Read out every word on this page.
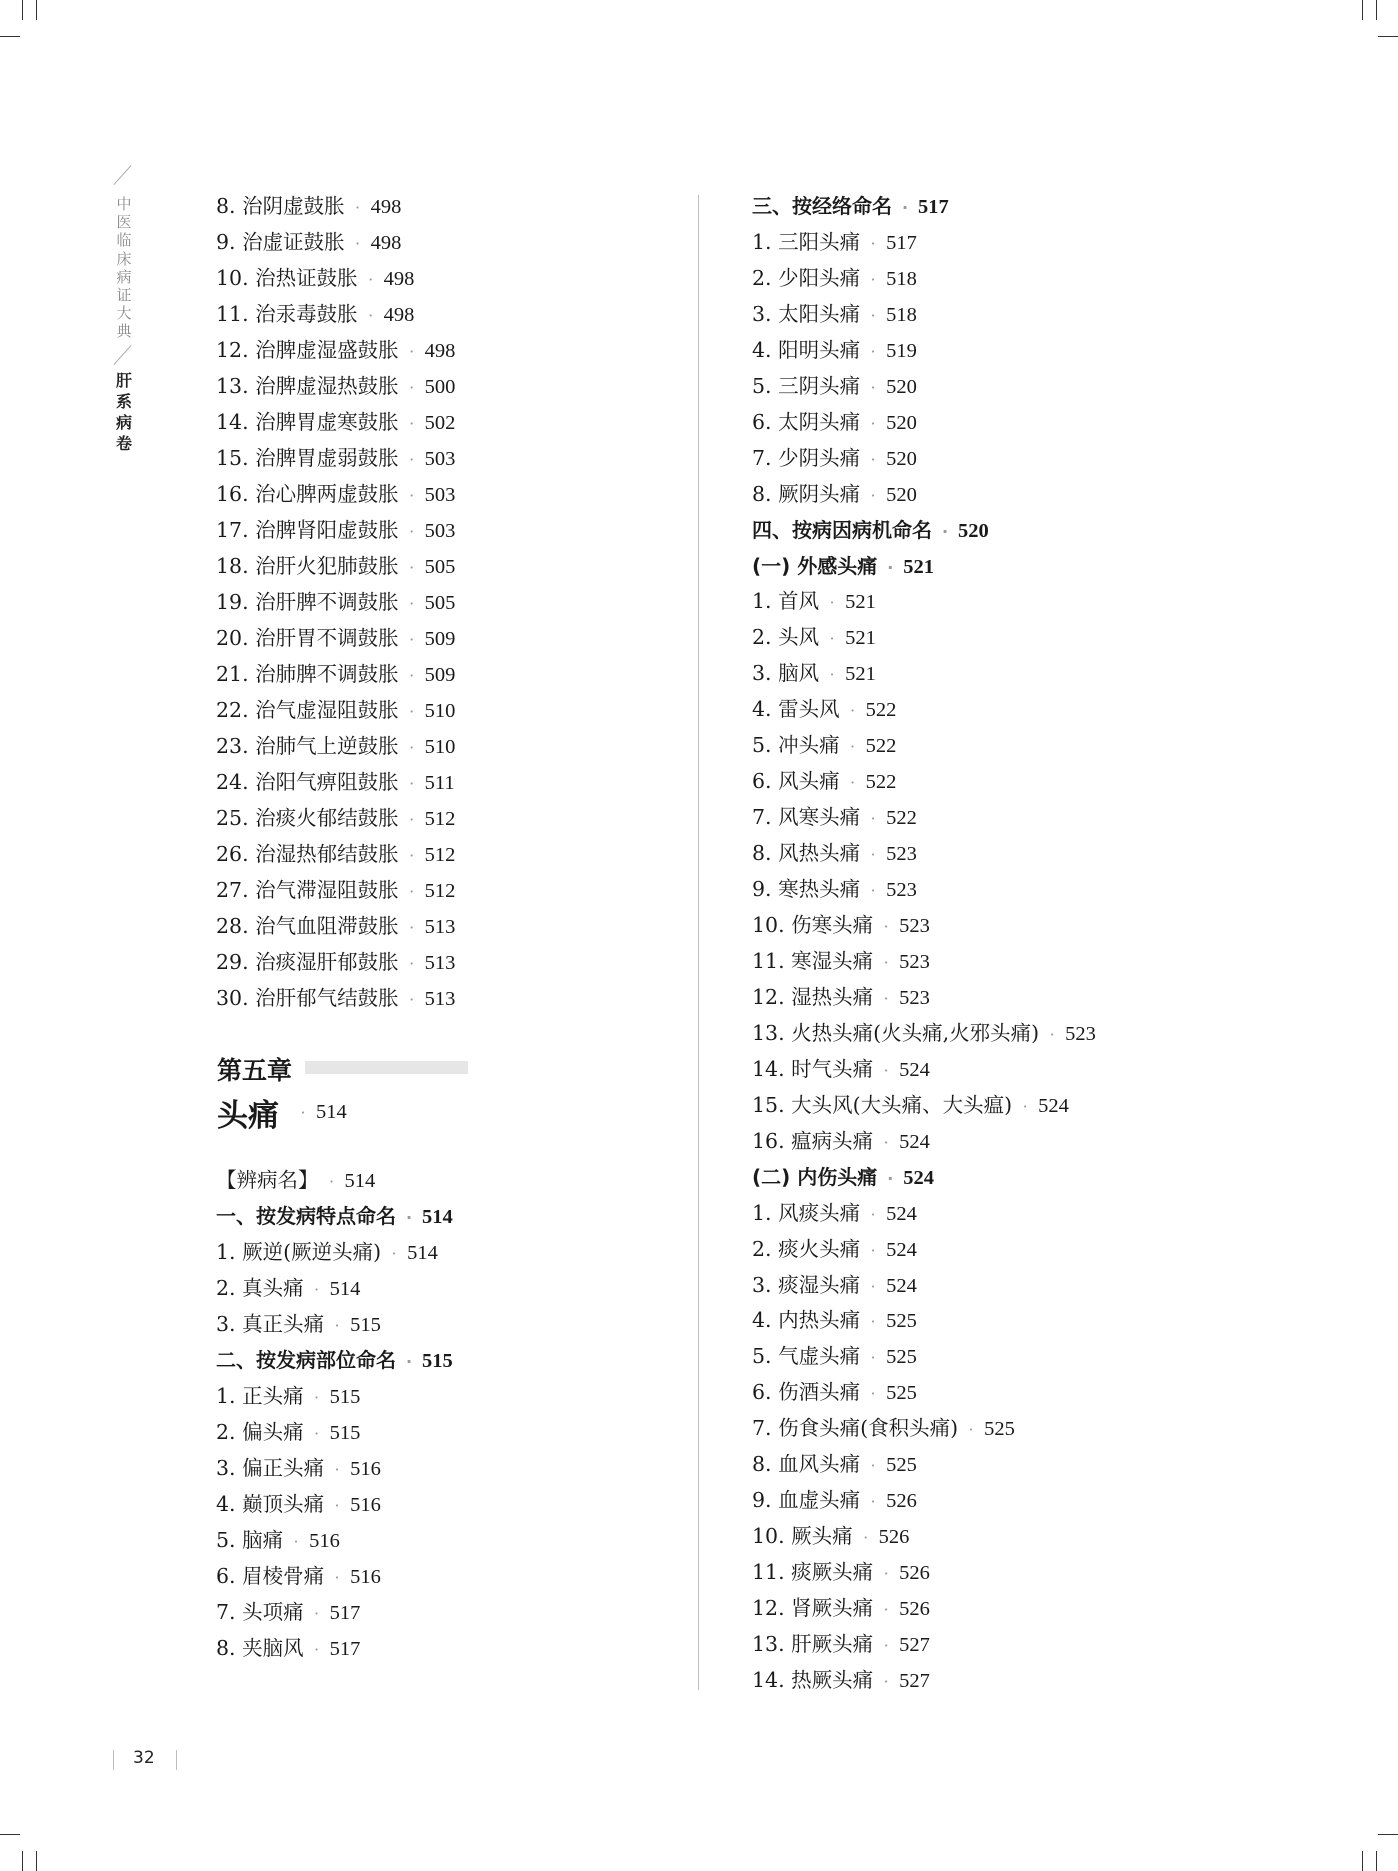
中
医
临
床
病
证
大
典
肝
系
病
卷
8. 治阴虚鼓胀 · 498
9. 治虚证鼓胀 · 498
10. 治热证鼓胀 · 498
11. 治汞毒鼓胀 · 498
12. 治脾虚湿盛鼓胀 · 498
13. 治脾虚湿热鼓胀 · 500
14. 治脾胃虚寒鼓胀 · 502
15. 治脾胃虚弱鼓胀 · 503
16. 治心脾两虚鼓胀 · 503
17. 治脾肾阳虚鼓胀 · 503
18. 治肝火犯肺鼓胀 · 505
19. 治肝脾不调鼓胀 · 505
20. 治肝胃不调鼓胀 · 509
21. 治肺脾不调鼓胀 · 509
22. 治气虚湿阻鼓胀 · 510
23. 治肺气上逆鼓胀 · 510
24. 治阳气痹阻鼓胀 · 511
25. 治痰火郁结鼓胀 · 512
26. 治湿热郁结鼓胀 · 512
27. 治气滞湿阻鼓胀 · 512
28. 治气血阻滞鼓胀 · 513
29. 治痰湿肝郁鼓胀 · 513
30. 治肝郁气结鼓胀 · 513
第五章
头痛	· 514
【辨病名】 · 514
一、按发病特点命名 · 514
1. 厥逆(厥逆头痛) · 514
2. 真头痛 · 514
3. 真正头痛 · 515
二、按发病部位命名 · 515
1. 正头痛 · 515
2. 偏头痛 · 515
3. 偏正头痛 · 516
4. 巅顶头痛 · 516
5. 脑痛 · 516
6. 眉棱骨痛 · 516
7. 头项痛 · 517
8. 夹脑风 · 517
三、按经络命名 · 517
1. 三阳头痛 · 517
2. 少阳头痛 · 518
3. 太阳头痛 · 518
4. 阳明头痛 · 519
5. 三阴头痛 · 520
6. 太阴头痛 · 520
7. 少阴头痛 · 520
8. 厥阴头痛 · 520
四、按病因病机命名 · 520
(一) 外感头痛 · 521
1. 首风 · 521
2. 头风 · 521
3. 脑风 · 521
4. 雷头风 · 522
5. 冲头痛 · 522
6. 风头痛 · 522
7. 风寒头痛 · 522
8. 风热头痛 · 523
9. 寒热头痛 · 523
10. 伤寒头痛 · 523
11. 寒湿头痛 · 523
12. 湿热头痛 · 523
13. 火热头痛(火头痛,火邪头痛) · 523
14. 时气头痛 · 524
15. 大头风(大头痛、大头瘟) · 524
16. 瘟病头痛 · 524
(二) 内伤头痛 · 524
1. 风痰头痛 · 524
2. 痰火头痛 · 524
3. 痰湿头痛 · 524
4. 内热头痛 · 525
5. 气虚头痛 · 525
6. 伤酒头痛 · 525
7. 伤食头痛(食积头痛) · 525
8. 血风头痛 · 525
9. 血虚头痛 · 526
10. 厥头痛 · 526
11. 痰厥头痛 · 526
12. 肾厥头痛 · 526
13. 肝厥头痛 · 527
14. 热厥头痛 · 527
32
